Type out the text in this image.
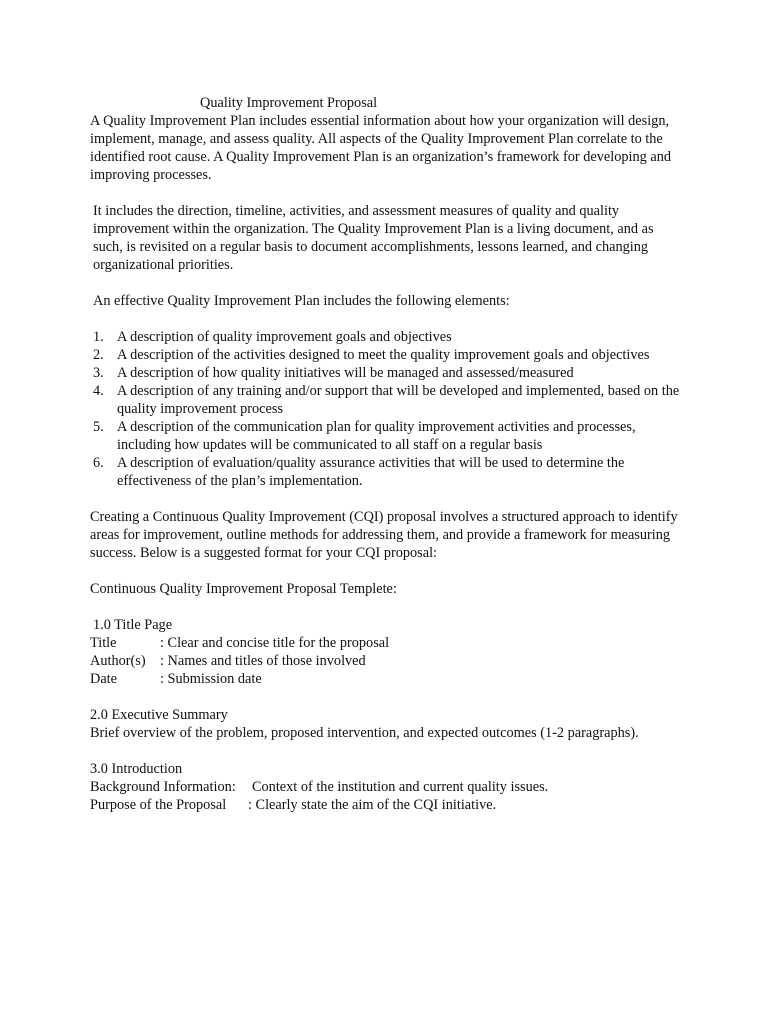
Quality Improvement Proposal

A Quality Improvement Plan includes essential information about how your organization will design, implement, manage, and assess quality. All aspects of the Quality Improvement Plan correlate to the identified root cause. A Quality Improvement Plan is an organization’s framework for developing and improving processes.

It includes the direction, timeline, activities, and assessment measures of quality and quality improvement within the organization. The Quality Improvement Plan is a living document, and as such, is revisited on a regular basis to document accomplishments, lessons learned, and changing organizational priorities.

An effective Quality Improvement Plan includes the following elements:

1. A description of quality improvement goals and objectives
2. A description of the activities designed to meet the quality improvement goals and objectives
3. A description of how quality initiatives will be managed and assessed/measured
4. A description of any training and/or support that will be developed and implemented, based on the quality improvement process
5. A description of the communication plan for quality improvement activities and processes, including how updates will be communicated to all staff on a regular basis
6. A description of evaluation/quality assurance activities that will be used to determine the effectiveness of the plan’s implementation.

Creating a Continuous Quality Improvement (CQI) proposal involves a structured approach to identify areas for improvement, outline methods for addressing them, and provide a framework for measuring success. Below is a suggested format for your CQI proposal:

Continuous Quality Improvement Proposal Templete:

1.0 Title Page

Title	: Clear and concise title for the proposal
Author(s)	: Names and titles of those involved
Date	: Submission date

2.0 Executive Summary

Brief overview of the problem, proposed intervention, and expected outcomes (1-2 paragraphs).

3.0 Introduction

Background Information:	Context of the institution and current quality issues.
Purpose of the Proposal	: Clearly state the aim of the CQI initiative.
